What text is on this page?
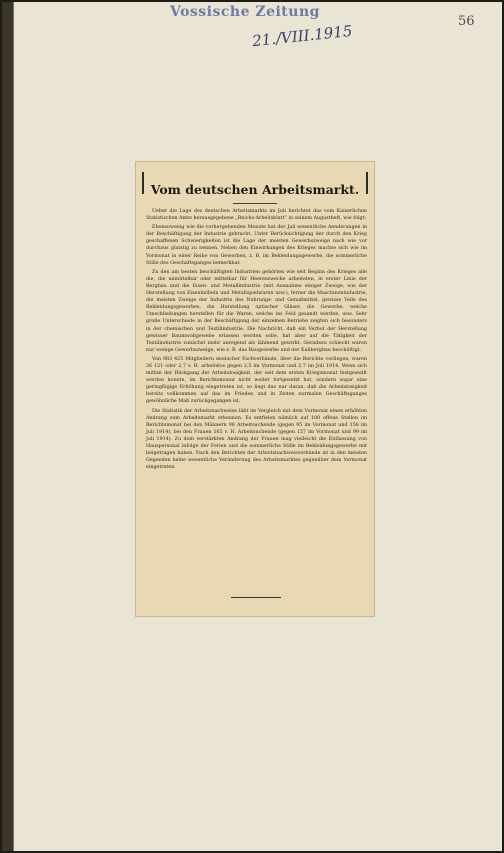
Vossische Zeitung
21./VIII.1915
56
Vom deutschen Arbeitsmarkt.

Ueber die Lage des deutschen Arbeitsmarkts im Juli berichtet das vom Kaiserlichen Statistischen Amte herausgegebene „Reichs-Arbeitsblatt“ in seinem Augustheft, wie folgt:

Ebensowenig wie die vorhergehenden Monate hat der Juli wesentliche Aenderungen in der Beschäftigung der Industrie gebracht. Unter Berücksichtigung der durch den Krieg geschaffenen Schwierigkeiten ist die Lage der meisten Gewerbszweige nach wie vor durchaus günstig zu nennen. Neben den Einwirkungen des Krieges machte sich wie im Vormonat in einer Reihe von Gewerben, z. B. im Bekleidungsgewerbe, die sommerliche Stille des Geschäftsganges bemerkbar.

Zu den am besten beschäftigten Industrien gehörten wie seit Beginn des Krieges alle die, die unmittelbar oder mittelbar für Heereszwecke arbeiteten, in erster Linie der Bergbau und die Eisen- und Metallindustrie (mit Ausnahme einiger Zweige, wie der Herstellung von Eisenmöbeln und Metallspielwaren usw.), ferner die Maschinenindustrie, die meisten Zweige der Industrie des Nahrungs- und Genußmittel, gewisse Teile des Bekleidungsgewerbes, die Herstellung optischer Gläser, die Gewerbe, welche Umschließungen herstellen für die Waren, welche ins Feld gesandt werden, usw. Sehr große Unterschiede in der Beschäftigung der einzelnen Betriebe zeigten sich besonders in der chemischen und Textilindustrie. Die Nachricht, daß ein Verbot der Herstellung gewisser Baumwollgewebe erlassen werden solle, hat aber auf die Tätigkeit der Textilindustrie zunächst mehr anregend als lähmend gewirkt. Geradezu schlecht waren nur wenige Gewerbszweige, wie z. B. das Baugewerbe und der Kalibergbau beschäftigt.

Von 983 425 Mitgliedern deutscher Fachverbände, über die Berichte vorliegen, waren 26 121 oder 2,7 v. H. arbeitslos gegen 2,5 im Vormonat und 2,7 im Juli 1914. Wenn sich mithin der Rückgang der Arbeitslosigkeit, der seit dem ersten Kriegsmonat festgestellt werden konnte, im Berichtsmonat nicht weiter fortgesetzt hat, sondern sogar eine geringfügige Erhöhung eingetreten ist, so liegt das nur daran, daß die Arbeitslosigkeit bereits vollkommen auf das im Frieden und in Zeiten normalen Geschäftsganges gewöhnliche Maß zurückgegangen ist.

Die Statistik der Arbeitsnachweise läßt im Vergleich mit dem Vormonat einen erhöhten Andrang zum Arbeitsmarkt erkennen. Es entfielen nämlich auf 100 offene Stellen im Berichtsmonat bei den Männern 98 Arbeitsuchende (gegen 95 im Vormonat und 158 im Juli 1914), bei den Frauen 165 v. H. Arbeitsuchende (gegen 157 im Vormonat und 99 im Juli 1914). Zu dem verstärkten Andrang der Frauen mag vielleicht die Entlassung von Hauspersonal infolge der Ferien und die sommerliche Stille im Bekleidungsgewerbe mit beigetragen haben. Nach den Berichten der Arbeitsnachweisverbände ist in den meisten Gegenden keine wesentliche Veränderung des Arbeitsmarktes gegenüber dem Vormonat eingetreten.
